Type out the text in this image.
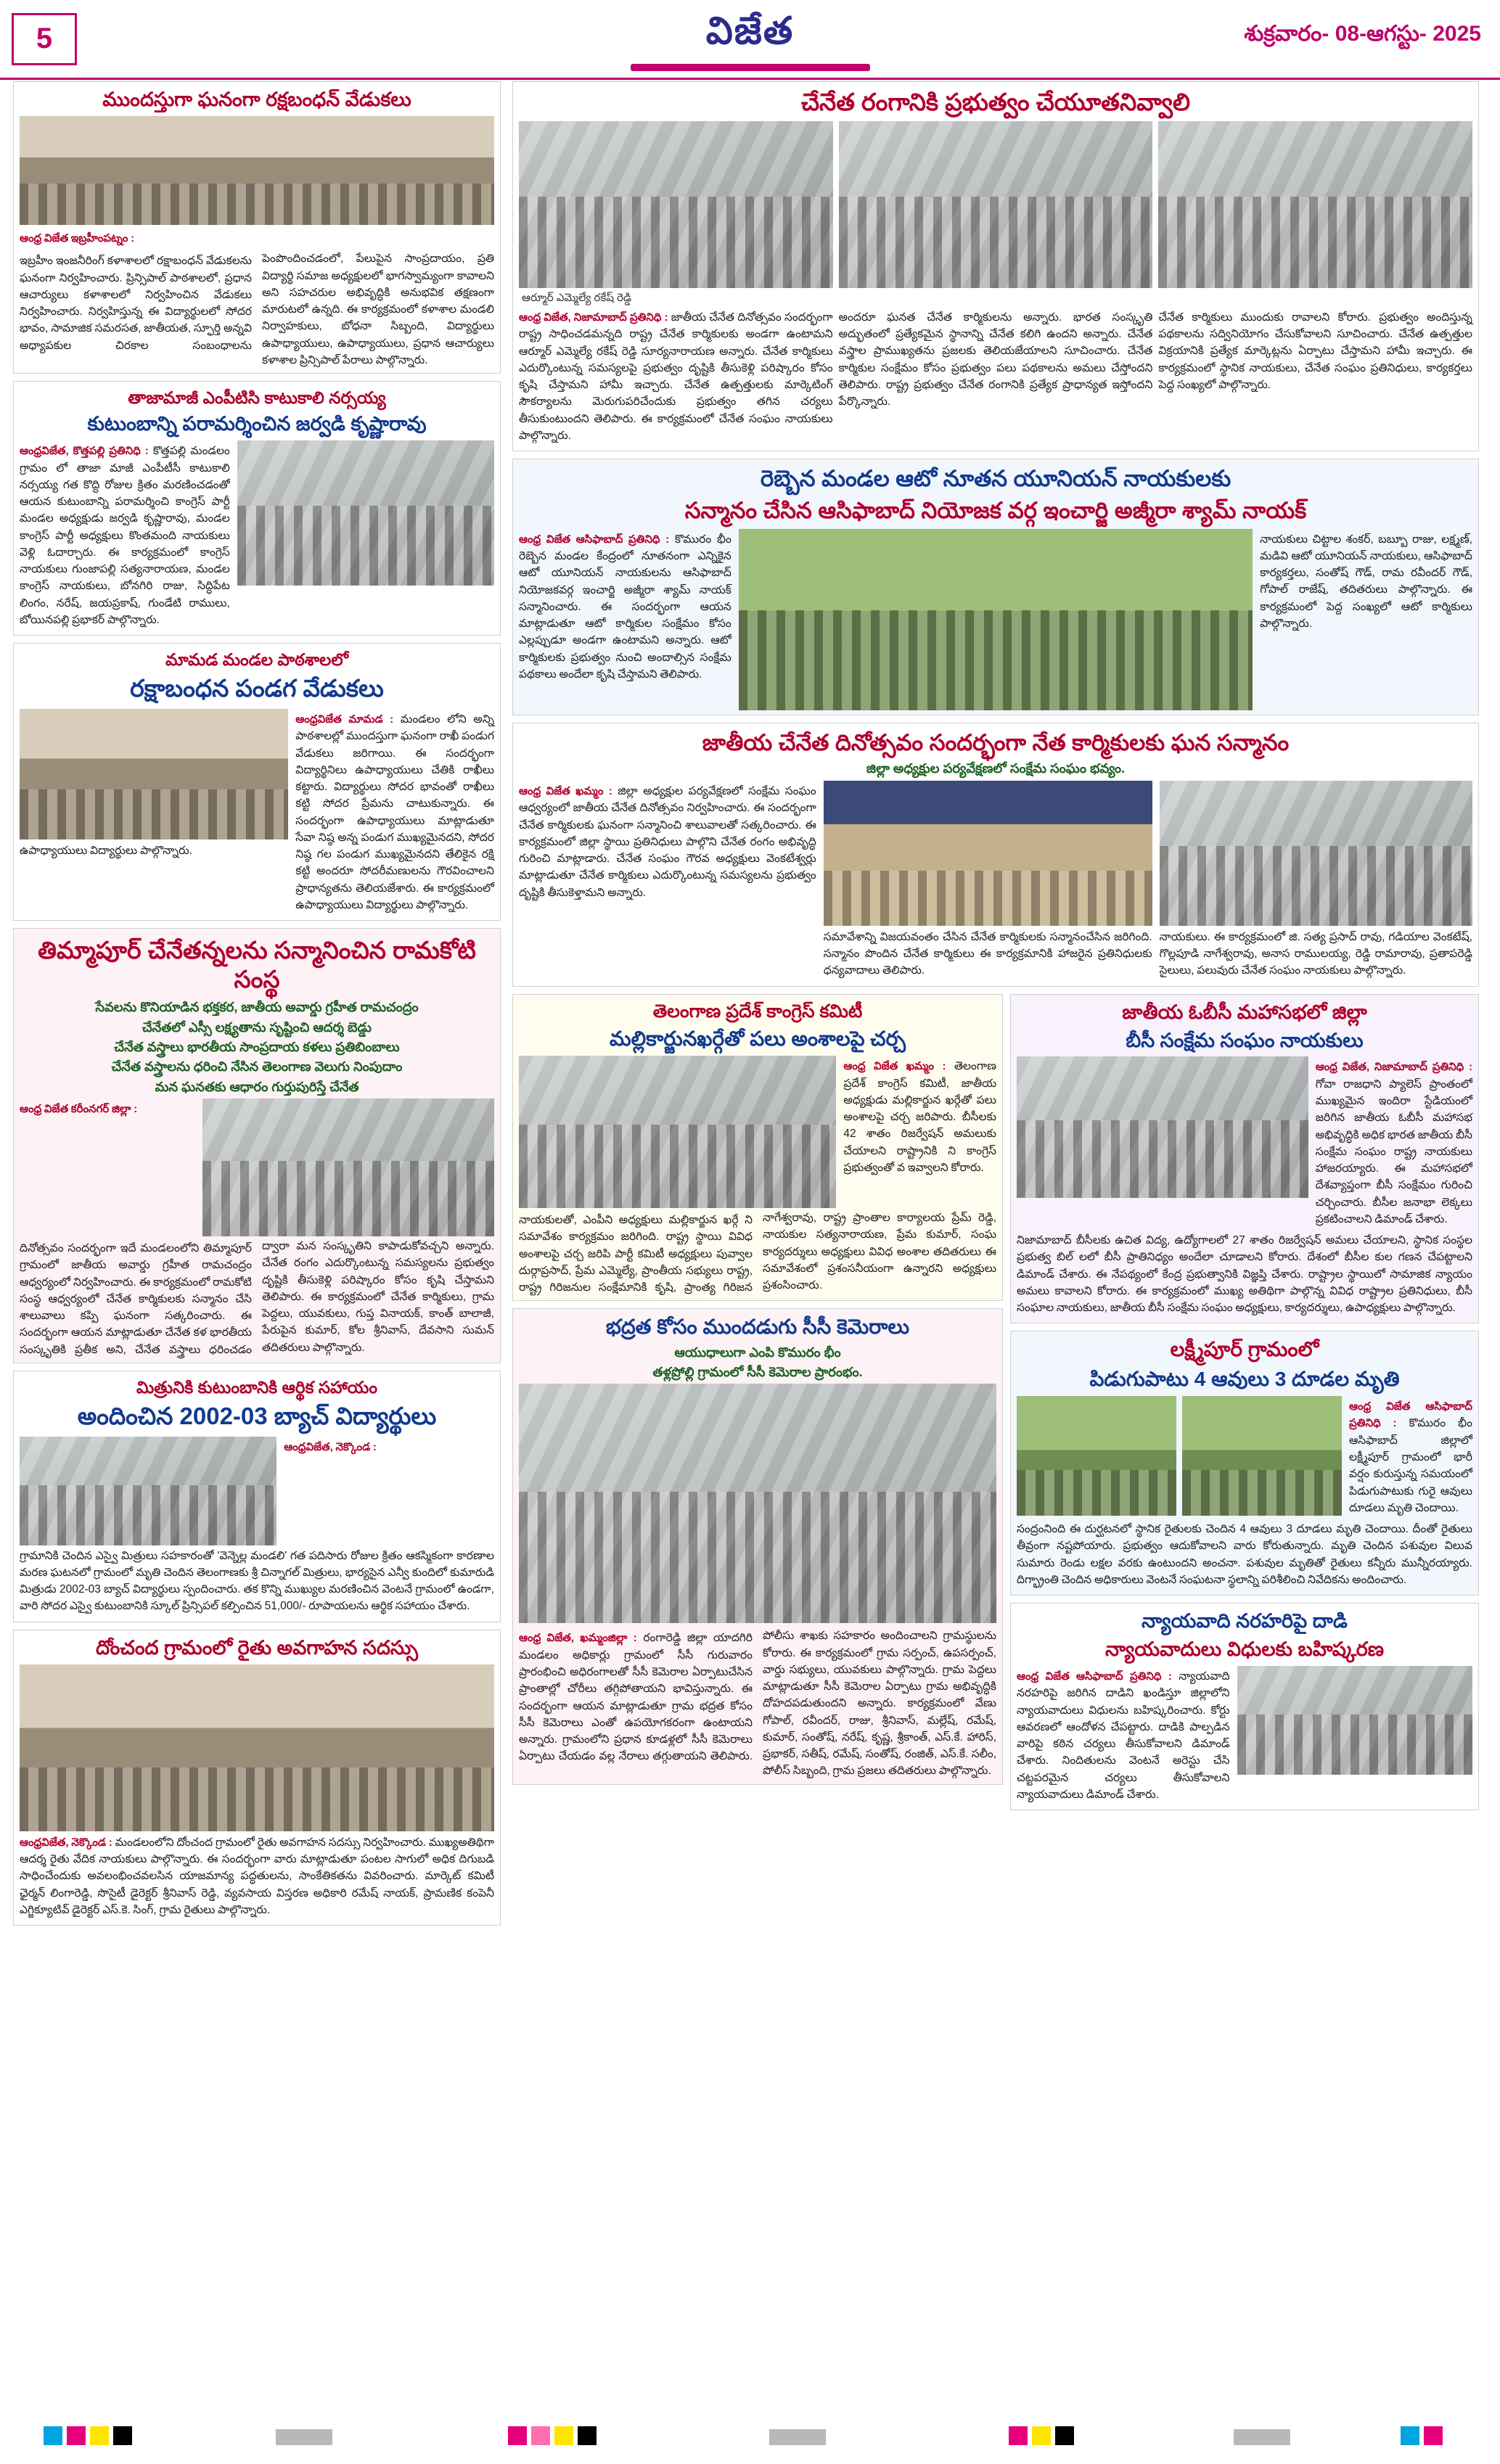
5	విజేత	శుక్రవారం- 08-ఆగస్టు- 2025
ముందస్తుగా ఘనంగా రక్షబంధన్ వేడుకలు

ఆంధ్ర విజేత ఇబ్రహీంపట్నం :

ఇబ్రహీం ఇంజనీరింగ్ కళాశాలలో రక్షాబంధన్ వేడుకలను ఘనంగా నిర్వహించారు. ప్రిన్సిపాల్ పాఠశాలలో, ప్రధాన ఆచార్యులు కళాశాలలో నిర్వహించిన వేడుకలు నిర్వహించారు. నిర్వహిస్తున్న ఈ విద్యార్థులలో సోదర భావం, సామాజిక సమరసత, జాతీయత, స్ఫూర్తి అన్నవి అధ్యాపకుల చిరకాల సంబంధాలను పెంపొందించడంలో, పేలుపైన సాంప్రదాయం, ప్రతి విద్యార్థి సమాజ అధ్యక్షులలో భాగస్వామ్యంగా కావాలని అని సహచరుల అభివృద్ధికి అనుభవిక తక్షణంగా మారుటలో ఉన్నది. ఈ కార్యక్రమంలో కళాశాల మండలి నిర్వాహకులు, బోధనా సిబ్బంది, విద్యార్థులు ఉపాధ్యాయులు, ఉపాధ్యాయులు, ప్రధాన ఆచార్యులు కళాశాల ప్రిన్సిపాల్ పేరాలు పాల్గొన్నారు.

తాజామాజీ ఎంపీటిసి కాటుకాలి నర్సయ్య
కుటుంబాన్ని పరామర్శించిన జర్వడి కృష్ణారావు

ఆంధ్రవిజేత, కొత్తపల్లి ప్రతినిధి : కొత్తపల్లి మండలం గ్రామం లో తాజా మాజీ ఎంపీటీసీ కాటుకాలి నర్సయ్య గత కొద్ది రోజుల క్రితం మరణించడంతో ఆయన కుటుంబాన్ని పరామర్శించి కాంగ్రెస్ పార్టీ మండల అధ్యక్షుడు జర్వడి కృష్ణారావు, మండల కాంగ్రెస్ పార్టీ అధ్యక్షులు కొంతమంది నాయకులు వెళ్లి ఓదార్చారు. ఈ కార్యక్రమంలో కాంగ్రెస్ నాయకులు గుంజాపల్లి సత్యనారాయణ, మండల కాంగ్రెస్ నాయకులు, బోనగిరి రాజు, సిద్ధిపేట లింగం, నరేష్, జయప్రకాష్, గుండేటి రాములు, బోయినపల్లి ప్రభాకర్ పాల్గొన్నారు.

మామడ మండల పాఠశాలలో
రక్షాబంధన పండగ వేడుకలు

ఉపాధ్యాయులు విద్యార్థులు పాల్గొన్నారు.

ఆంధ్రవిజేత మామడ : మండలం లోని అన్ని పాఠశాలల్లో ముందస్తుగా ఘనంగా రాఖీ పండుగ వేడుకలు జరిగాయి. ఈ సందర్భంగా విద్యార్థినిలు ఉపాధ్యాయులు చేతికి రాఖీలు కట్టారు. విద్యార్థులు సోదర భావంతో రాఖీలు కట్టి సోదర ప్రేమను చాటుకున్నారు. ఈ సందర్భంగా ఉపాధ్యాయులు మాట్లాడుతూ సేవా నిష్ఠ అన్న పండుగ ముఖ్యమైనదని, సోదర నిష్ఠ గల పండుగ ముఖ్యమైనదని తేలికైన రక్షి కట్టి అందరూ సోదరీమణులను గౌరవించాలని ప్రాధాన్యతను తెలియజేశారు. ఈ కార్యక్రమంలో ఉపాధ్యాయులు విద్యార్థులు పాల్గొన్నారు.

తిమ్మాపూర్ చేనేతన్నలను సన్మానించిన రామకోటి సంస్థ
సేవలను కొనియాడిన భక్తకర, జాతీయ అవార్డు గ్రహీత రామచంద్రం
చేనేతలో ఎస్సీ లక్ష్యతాను సృష్టించి ఆదర్శ బెడ్డు
చేనేత వస్త్రాలు భారతీయ సాంప్రదాయ కళలు ప్రతిబింబాలు
చేనేత వస్త్రాలను ధరించి నేసిన తెలంగాణ వెలుగు నింపుదాం
మన ఘనతకు ఆధారం గుర్తుపురిస్తే చేనేత

ఆంధ్ర విజేత కరీంనగర్ జిల్లా :

దినోత్సవం సందర్భంగా ఇదే మండలంలోని తిమ్మాపూర్ గ్రామంలో జాతీయ అవార్డు గ్రహీత రామచంద్రం ఆధ్వర్యంలో నిర్వహించారు. ఈ కార్యక్రమంలో రామకోటి సంస్థ ఆధ్వర్యంలో చేనేత కార్మికులకు సన్మానం చేసి శాలువాలు కప్పి ఘనంగా సత్కరించారు. ఈ సందర్భంగా ఆయన మాట్లాడుతూ చేనేత కళ భారతీయ సంస్కృతికి ప్రతీక అని, చేనేత వస్త్రాలు ధరించడం ద్వారా మన సంస్కృతిని కాపాడుకోవచ్చని అన్నారు. చేనేత రంగం ఎదుర్కొంటున్న సమస్యలను ప్రభుత్వం దృష్టికి తీసుకెళ్లి పరిష్కారం కోసం కృషి చేస్తామని తెలిపారు. ఈ కార్యక్రమంలో చేనేత కార్మికులు, గ్రామ పెద్దలు, యువకులు, గుప్త వినాయక్, కాంత్ బాలాజీ, పేరుపైన కుమార్, కోల శ్రీనివాస్, దేవసాని సుమన్ తదితరులు పాల్గొన్నారు.

మిత్రునికి కుటుంబానికి ఆర్థిక సహాయం
అందించిన 2002-03 బ్యాచ్ విద్యార్థులు

ఆంధ్రవిజేత, నెక్కొండ :

గ్రామానికి చెందిన ఎస్వై మిత్రులు సహకారంతో 'వెన్నెల్ల మండలి' గత పదిసారు రోజుల క్రితం ఆకస్మికంగా కారణాల మరణ ఘటనలో గ్రామంలో మృతి చెందిన తెలంగాణకు శ్రీ చిన్నాగల్ మిత్రులు, భార్యసైన ఎన్వీ కుందిలో కుమారుడి మిత్రుడు 2002-03 బ్యాచ్ విద్యార్థులు స్పందించారు. తక కొన్ని ముఖ్యుల మరణించిన వెంటనే గ్రామంలో ఉండగా, వారి సోదర ఎస్వై కుటుంబానికి స్కూల్ ప్రిన్సిపల్ కల్పించిన 51,000/- రూపాయలను ఆర్థిక సహాయం చేశారు.

దోంచంద గ్రామంలో రైతు అవగాహన సదస్సు

ఆంధ్రవిజేత, నెక్కొండ : మండలంలోని దోంచంద గ్రామంలో రైతు అవగాహన సదస్సు నిర్వహించారు. ముఖ్యఅతిథిగా ఆదర్శ రైతు వేదిక నాయకులు పాల్గొన్నారు. ఈ సందర్భంగా వారు మాట్లాడుతూ పంటల సాగులో అధిక దిగుబడి సాధించేందుకు అవలంభించవలసిన యాజమాన్య పద్ధతులను, సాంకేతికతను వివరించారు. మార్కెట్ కమిటీ ఛైర్మన్ లింగారెడ్డి, సొసైటీ డైరెక్టర్ శ్రీనివాస్ రెడ్డి, వ్యవసాయ విస్తరణ అధికారి రమేష్ నాయక్, ప్రామణిక కంపెనీ ఎగ్జిక్యూటివ్ డైరెక్టర్ ఎస్.కె. సింగ్, గ్రామ రైతులు పాల్గొన్నారు.

చేనేత రంగానికి ప్రభుత్వం చేయూతనివ్వాలి
ఆర్మూర్ ఎమ్మెల్యే రకేష్ రెడ్డి

ఆంధ్ర విజేత, నిజామాబాద్ ప్రతినిధి : జాతీయ చేనేత దినోత్సవం సందర్భంగా రాష్ట్ర సాధించడమన్నది రాష్ట్ర చేనేత కార్మికులకు అండగా ఉంటామని ఆర్మూర్ ఎమ్మెల్యే రకేష్ రెడ్డి సూర్యనారాయణ అన్నారు. చేనేత కార్మికులు ఎదుర్కొంటున్న సమస్యలపై ప్రభుత్వం దృష్టికి తీసుకెళ్లి పరిష్కారం కోసం కృషి చేస్తామని హామీ ఇచ్చారు. చేనేత ఉత్పత్తులకు మార్కెటింగ్ సౌకర్యాలను మెరుగుపరిచేందుకు ప్రభుత్వం తగిన చర్యలు తీసుకుంటుందని తెలిపారు. ఈ కార్యక్రమంలో చేనేత సంఘం నాయకులు పాల్గొన్నారు.

అందరూ ఘనత చేనేత కార్మికులను అన్నారు. భారత సంస్కృతి అద్భుతంలో ప్రత్యేకమైన స్థానాన్ని చేనేత కలిగి ఉందని అన్నారు. చేనేత వస్త్రాల ప్రాముఖ్యతను ప్రజలకు తెలియజేయాలని సూచించారు. చేనేత కార్మికుల సంక్షేమం కోసం ప్రభుత్వం పలు పథకాలను అమలు చేస్తోందని తెలిపారు. రాష్ట్ర ప్రభుత్వం చేనేత రంగానికి ప్రత్యేక ప్రాధాన్యత ఇస్తోందని పేర్కొన్నారు.

చేనేత కార్మికులు ముందుకు రావాలని కోరారు. ప్రభుత్వం అందిస్తున్న పథకాలను సద్వినియోగం చేసుకోవాలని సూచించారు. చేనేత ఉత్పత్తుల విక్రయానికి ప్రత్యేక మార్కెట్లను ఏర్పాటు చేస్తామని హామీ ఇచ్చారు. ఈ కార్యక్రమంలో స్థానిక నాయకులు, చేనేత సంఘం ప్రతినిధులు, కార్యకర్తలు పెద్ద సంఖ్యలో పాల్గొన్నారు.

రెబ్బెన మండల ఆటో నూతన యూనియన్ నాయకులకు
సన్మానం చేసిన ఆసిఫాబాద్ నియోజక వర్గ ఇంచార్జి అజ్మీరా శ్యామ్ నాయక్

ఆంధ్ర విజేత ఆసిఫాబాద్ ప్రతినిధి : కొమురం భీం రెబ్బెన మండల కేంద్రంలో నూతనంగా ఎన్నికైన ఆటో యూనియన్ నాయకులను ఆసిఫాబాద్ నియోజకవర్గ ఇంచార్జి అజ్మీరా శ్యామ్ నాయక్ సన్మానించారు. ఈ సందర్భంగా ఆయన మాట్లాడుతూ ఆటో కార్మికుల సంక్షేమం కోసం ఎల్లప్పుడూ అండగా ఉంటామని అన్నారు. ఆటో కార్మికులకు ప్రభుత్వం నుంచి అందాల్సిన సంక్షేమ పథకాలు అందేలా కృషి చేస్తామని తెలిపారు.

నాయకులు చిట్టాల శంకర్, బబ్బూ రాజు, లక్ష్మణ్, మడివి ఆటో యూనియన్ నాయకులు, ఆసిఫాబాద్ కార్యకర్తలు, సంతోష్ గౌడ్, రామ రవీందర్ గౌడ్, గోపాల్ రాజేష్, తదితరులు పాల్గొన్నారు. ఈ కార్యక్రమంలో పెద్ద సంఖ్యలో ఆటో కార్మికులు పాల్గొన్నారు.

జాతీయ చేనేత దినోత్సవం సందర్భంగా నేత కార్మికులకు ఘన సన్మానం
జిల్లా అధ్యక్షుల పర్యవేక్షణలో సంక్షేమ సంఘం భవ్యం.

ఆంధ్ర విజేత ఖమ్మం : జిల్లా అధ్యక్షుల పర్యవేక్షణలో సంక్షేమ సంఘం ఆధ్వర్యంలో జాతీయ చేనేత దినోత్సవం నిర్వహించారు. ఈ సందర్భంగా చేనేత కార్మికులకు ఘనంగా సన్మానించి శాలువాలతో సత్కరించారు. ఈ కార్యక్రమంలో జిల్లా స్థాయి ప్రతినిధులు పాల్గొని చేనేత రంగం అభివృద్ధి గురించి మాట్లాడారు. చేనేత సంఘం గౌరవ అధ్యక్షులు వెంకటేశ్వర్లు మాట్లాడుతూ చేనేత కార్మికులు ఎదుర్కొంటున్న సమస్యలను ప్రభుత్వం దృష్టికి తీసుకెళ్తామని అన్నారు.

సమావేశాన్ని విజయవంతం చేసిన చేనేత కార్మికులకు సన్మానంచేసిన జరిగింది. సన్మానం పొందిన చేనేత కార్మికులు ఈ కార్యక్రమానికి హాజరైన ప్రతినిధులకు ధన్యవాదాలు తెలిపారు.

నాయకులు. ఈ కార్యక్రమంలో జి. సత్య ప్రసాద్ రావు, గడియాల వెంకటేష్, గొల్లపూడి నాగేశ్వరావు, అనాస రాములయ్య, రెడ్డి రామారావు, ప్రతాపరెడ్డి సైలులు, పలువురు చేనేత సంఘం నాయకులు పాల్గొన్నారు.

తెలంగాణ ప్రదేశ్ కాంగ్రెస్ కమిటీ
మల్లికార్జునఖర్గేతో పలు అంశాలపై చర్చ

ఆంధ్ర విజేత ఖమ్మం : తెలంగాణ ప్రదేశ్ కాంగ్రెస్ కమిటీ, జాతీయ అధ్యక్షుడు మల్లికార్జున ఖర్గేతో పలు అంశాలపై చర్చ జరిపారు. బీసీలకు 42 శాతం రిజర్వేషన్ అమలుకు చేయాలని రాష్ట్రానికి ని కాంగ్రెస్ ప్రభుత్వంతో వ ఇవ్వాలని కోరారు.

నాయకులతో, ఎంపీని అధ్యక్షులు మల్లికార్జున ఖర్గే ని సమావేశం కార్యక్రమం జరిగింది. రాష్ట్ర స్థాయి వివిధ అంశాలపై చర్చ జరిపి పార్టీ కమిటీ అధ్యక్షులు పువ్వాల దుర్గాప్రసాద్, ప్రేమ ఎమ్మెల్యే, ప్రాంతీయ సభ్యులు రాష్ట్ర, రాష్ట్ర గిరిజనుల సంక్షేమానికి కృషి, ప్రాంత్య గిరిజన నాగేశ్వరావు, రాష్ట్ర ప్రాంతాల కార్యాలయ ప్రేమ్ రెడ్డి, నాయకుల సత్యనారాయణ, ప్రేమ కుమార్, సంఘ కార్యదర్శులు అధ్యక్షులు వివిధ అంశాల తదితరులు ఈ సమావేశంలో ప్రశంసనీయంగా ఉన్నారని అధ్యక్షులు ప్రశంసించారు.

భద్రత కోసం ముందడుగు సీసీ కెమెరాలు
ఆయుధాలుగా ఎంపి కొమురం భీం
తళ్లప్రోల్లి గ్రామంలో సీసీ కెమెరాల ప్రారంభం.

ఆంధ్ర విజేత, ఖమ్మంజిల్లా : రంగారెడ్డి జిల్లా యాదగిరి మండలం అధికార్లు గ్రామంలో సీసీ గురువారం ప్రారంభించి అధిరంగాలతో సీసీ కెమెరాల ఏర్పాటుచేసిన ప్రాంతాల్లో చోరీలు తగ్గిపోతాయని భావిస్తున్నారు. ఈ సందర్భంగా ఆయన మాట్లాడుతూ గ్రామ భద్రత కోసం సీసీ కెమెరాలు ఎంతో ఉపయోగకరంగా ఉంటాయని అన్నారు. గ్రామంలోని ప్రధాన కూడళ్లలో సీసీ కెమెరాలు ఏర్పాటు చేయడం వల్ల నేరాలు తగ్గుతాయని తెలిపారు. పోలీసు శాఖకు సహకారం అందించాలని గ్రామస్థులను కోరారు. ఈ కార్యక్రమంలో గ్రామ సర్పంచ్, ఉపసర్పంచ్, వార్డు సభ్యులు, యువకులు పాల్గొన్నారు. గ్రామ పెద్దలు మాట్లాడుతూ సీసీ కెమెరాల ఏర్పాటు గ్రామ అభివృద్ధికి దోహదపడుతుందని అన్నారు. కార్యక్రమంలో వేణు గోపాల్, రవీందర్, రాజు, శ్రీనివాస్, మల్లేష్, రమేష్, కుమార్, సంతోష్, నరేష్, కృష్ణ, శ్రీకాంత్, ఎస్.కే. హారిస్, ప్రభాకర్, సతీష్, రమేష్, సంతోష్, రంజిత్, ఎస్.కే. సలీం, పోలీస్ సిబ్బంది, గ్రామ ప్రజలు తదితరులు పాల్గొన్నారు.

జాతీయ ఓబీసీ మహాసభలో జిల్లా
బీసీ సంక్షేమ సంఘం నాయకులు

ఆంధ్ర విజేత, నిజామాబాద్ ప్రతినిధి : గోవా రాజధాని ప్యాలెస్ ప్రాంతంలో ముఖ్యమైన ఇందిరా స్టేడియంలో జరిగిన జాతీయ ఓబీసీ మహాసభ అభివృద్ధికి అధిక భారత జాతీయ బీసీ సంక్షేమ సంఘం రాష్ట్ర నాయకులు హాజరయ్యారు. ఈ మహాసభలో దేశవ్యాప్తంగా బీసీ సంక్షేమం గురించి చర్చించారు. బీసీల జనాభా లెక్కలు ప్రకటించాలని డిమాండ్ చేశారు.

నిజామాబాద్ బీసీలకు ఉచిత విద్య, ఉద్యోగాలలో 27 శాతం రిజర్వేషన్ అమలు చేయాలని, స్థానిక సంస్థల ప్రభుత్వ బిల్ లలో బీసీ ప్రాతినిధ్యం అందేలా చూడాలని కోరారు. దేశంలో బీసీల కుల గణన చేపట్టాలని డిమాండ్ చేశారు. ఈ నేపథ్యంలో కేంద్ర ప్రభుత్వానికి విజ్ఞప్తి చేశారు. రాష్ట్రాల స్థాయిలో సామాజిక న్యాయం అమలు కావాలని కోరారు. ఈ కార్యక్రమంలో ముఖ్య అతిథిగా పాల్గొన్న వివిధ రాష్ట్రాల ప్రతినిధులు, బీసీ సంఘాల నాయకులు, జాతీయ బీసీ సంక్షేమ సంఘం అధ్యక్షులు, కార్యదర్శులు, ఉపాధ్యక్షులు పాల్గొన్నారు.

లక్ష్మీపూర్ గ్రామంలో
పిడుగుపాటు 4 ఆవులు 3 దూడల మృతి

ఆంధ్ర విజేత ఆసిఫాబాద్ ప్రతినిధి : కొమురం భీం ఆసిఫాబాద్ జిల్లాలో లక్ష్మీపూర్ గ్రామంలో భారీ వర్షం కురుస్తున్న సమయంలో పిడుగుపాటుకు గురై ఆవులు దూడలు మృతి చెందాయి.

సంద్రంనింది ఈ దుర్ఘటనలో స్థానిక రైతులకు చెందిన 4 ఆవులు 3 దూడలు మృతి చెందాయి. దీంతో రైతులు తీవ్రంగా నష్టపోయారు. ప్రభుత్వం ఆదుకోవాలని వారు కోరుతున్నారు. మృతి చెందిన పశువుల విలువ సుమారు రెండు లక్షల వరకు ఉంటుందని అంచనా. పశువుల మృతితో రైతులు కన్నీరు మున్నీరయ్యారు. దిగ్భ్రాంతి చెందిన అధికారులు వెంటనే సంఘటనా స్థలాన్ని పరిశీలించి నివేదికను అందించారు.

న్యాయవాది నరహరిపై దాడి
న్యాయవాదులు విధులకు బహిష్కరణ

ఆంధ్ర విజేత ఆసిఫాబాద్ ప్రతినిధి : న్యాయవాది నరహరిపై జరిగిన దాడిని ఖండిస్తూ జిల్లాలోని న్యాయవాదులు విధులను బహిష్కరించారు. కోర్టు ఆవరణలో ఆందోళన చేపట్టారు. దాడికి పాల్పడిన వారిపై కఠిన చర్యలు తీసుకోవాలని డిమాండ్ చేశారు. నిందితులను వెంటనే అరెస్టు చేసి చట్టపరమైన చర్యలు తీసుకోవాలని న్యాయవాదులు డిమాండ్ చేశారు.
